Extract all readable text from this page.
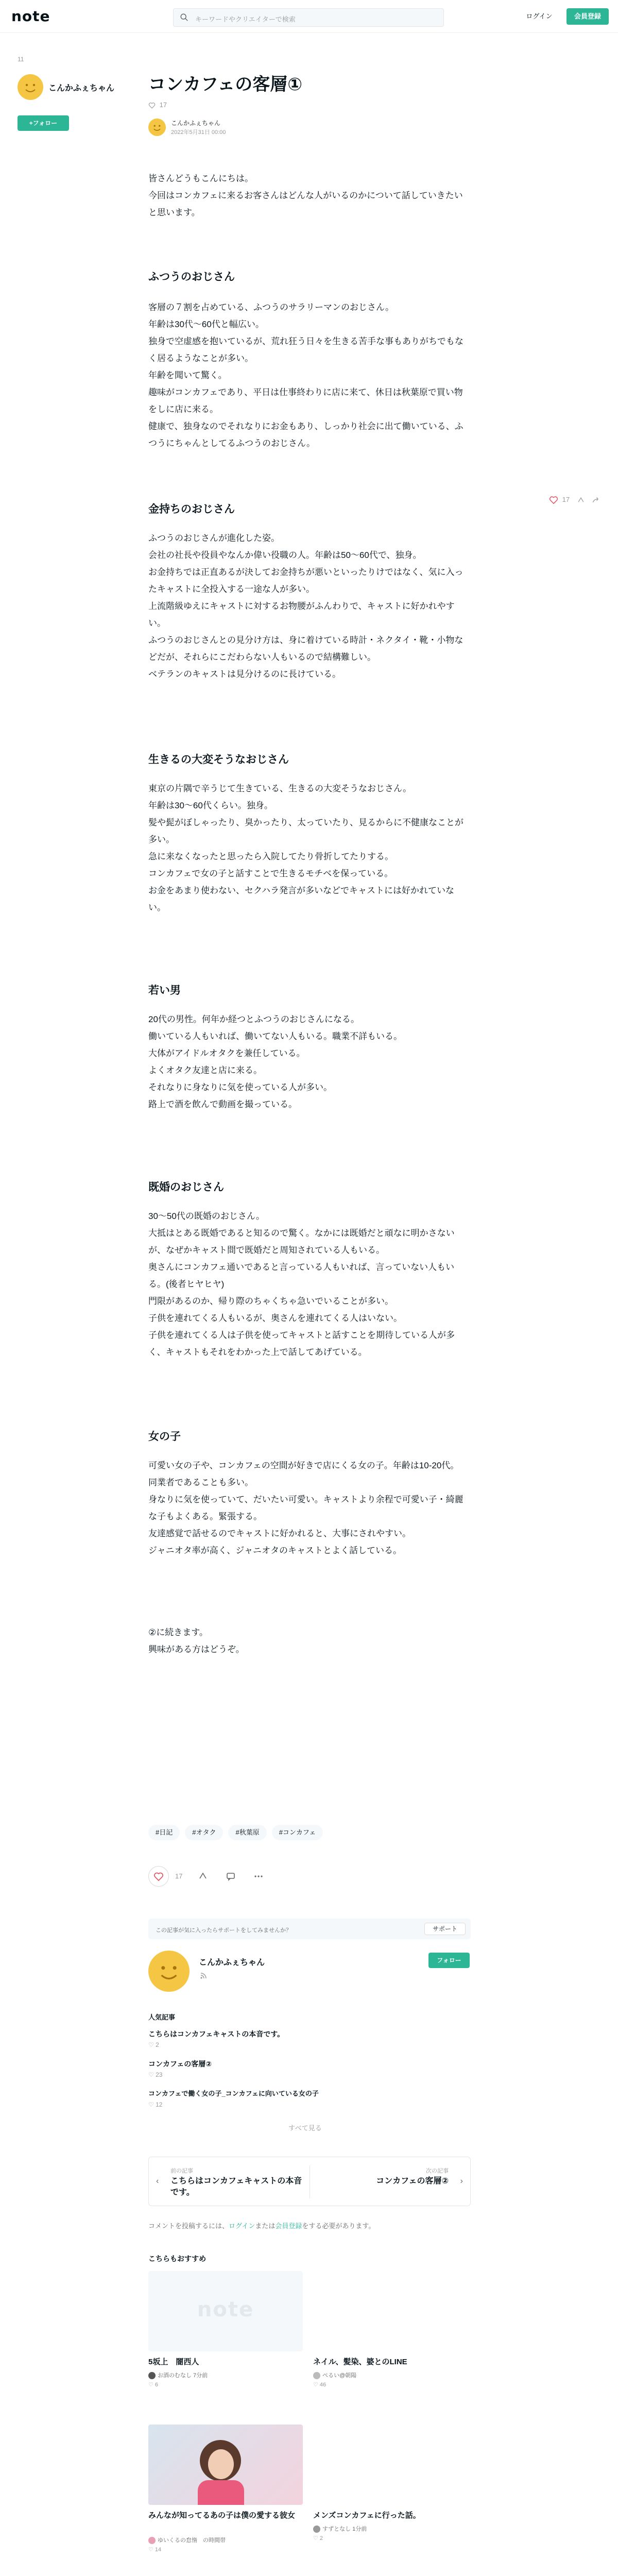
note	キーワードやクリエイターで検索	ログイン	会員登録
11
こんかふぇちゃん
+フォロー
コンカフェの客層①
17
こんかふぇちゃん
2022年5月31日 00:00
皆さんどうもこんにちは。
今回はコンカフェに来るお客さんはどんな人がいるのかについて話していきたいと思います。
ふつうのおじさん
客層の７割を占めている、ふつうのサラリーマンのおじさん。
年齢は30代〜60代と幅広い。
独身で空虚感を抱いているが、荒れ狂う日々を生きる苦手な事もありがちでもなく居るようなことが多い。
年齢を聞いて驚く。
趣味がコンカフェであり、平日は仕事終わりに店に来て、休日は秋葉原で買い物をしに店に来る。
健康で、独身なのでそれなりにお金もあり、しっかり社会に出て働いている、ふつうにちゃんとしてるふつうのおじさん。
17
金持ちのおじさん
ふつうのおじさんが進化した姿。
会社の社長や役員やなんか偉い役職の人。年齢は50〜60代で、独身。
お金持ちでは正直あるが決してお金持ちが悪いといったりけではなく、気に入ったキャストに全投入する一途な人が多い。
上流階級ゆえにキャストに対するお物腰がふんわりで、キャストに好かれやすい。
ふつうのおじさんとの見分け方は、身に着けている時計・ネクタイ・靴・小物などだが、それらにこだわらない人もいるので結構難しい。
ベテランのキャストは見分けるのに長けている。
生きるの大変そうなおじさん
東京の片隅で辛うじて生きている、生きるの大変そうなおじさん。
年齢は30〜60代くらい。独身。
髪や髭がぼしゃったり、臭かったり、太っていたり、見るからに不健康なことが多い。
急に来なくなったと思ったら入院してたり骨折してたりする。
コンカフェで女の子と話すことで生きるモチベを保っている。
お金をあまり使わない、セクハラ発言が多いなどでキャストには好かれていない。
若い男
20代の男性。何年か経つとふつうのおじさんになる。
働いている人もいれば、働いてない人もいる。職業不詳もいる。
大体がアイドルオタクを兼任している。
よくオタク友達と店に来る。
それなりに身なりに気を使っている人が多い。
路上で酒を飲んで動画を撮っている。
既婚のおじさん
30〜50代の既婚のおじさん。
大抵はとある既婚であると知るので驚く。なかには既婚だと頑なに明かさないが、なぜかキャスト間で既婚だと周知されている人もいる。
奥さんにコンカフェ通いであると言っている人もいれば、言っていない人もいる。(後者ヒヤヒヤ)
門限があるのか、帰り際のちゃくちゃ急いでいることが多い。
子供を連れてくる人もいるが、奥さんを連れてくる人はいない。
子供を連れてくる人は子供を使ってキャストと話すことを期待している人が多く、キャストもそれをわかった上で話してあげている。
女の子
可愛い女の子や、コンカフェの空間が好きで店にくる女の子。年齢は10-20代。同業者であることも多い。
身なりに気を使っていて、だいたい可愛い。キャストより余程で可愛い子・綺麗な子もよくある。緊張する。
友達感覚で話せるのでキャストに好かれると、大事にされやすい。
ジャニオタ率が高く、ジャニオタのキャストとよく話している。
②に続きます。
興味がある方はどうぞ。
#日記	#オタク	#秋葉原	#コンカフェ
17
この記事が気に入ったらサポートをしてみませんか？	サポート
こんかふぇちゃん	フォロー
人気記事
こちらはコンカフェキャストの本音です。
♡ 2
コンカフェの客層②
♡ 23
コンカフェで働く女の子_コンカフェに向いている女の子
♡ 12
すべて見る
‹
前の記事
こちらはコンカフェキャストの本音です。
次の記事
コンカフェの客層② ›
コメントを投稿するには、ログインまたは会員登録をする必要があります。
こちらもおすすめ
note
5坂上　闇西人
お酒のむなし 7分前
♡ 6
ネイル、髪染、婆とのLINE
ぺるい@朝陽
♡ 46
みんなが知ってるあの子は僕の愛する彼女
ゆいくるの怠惰　の時間帯
♡ 14
メンズコンカフェに行った話。
すずとなし 1分前
♡ 2
